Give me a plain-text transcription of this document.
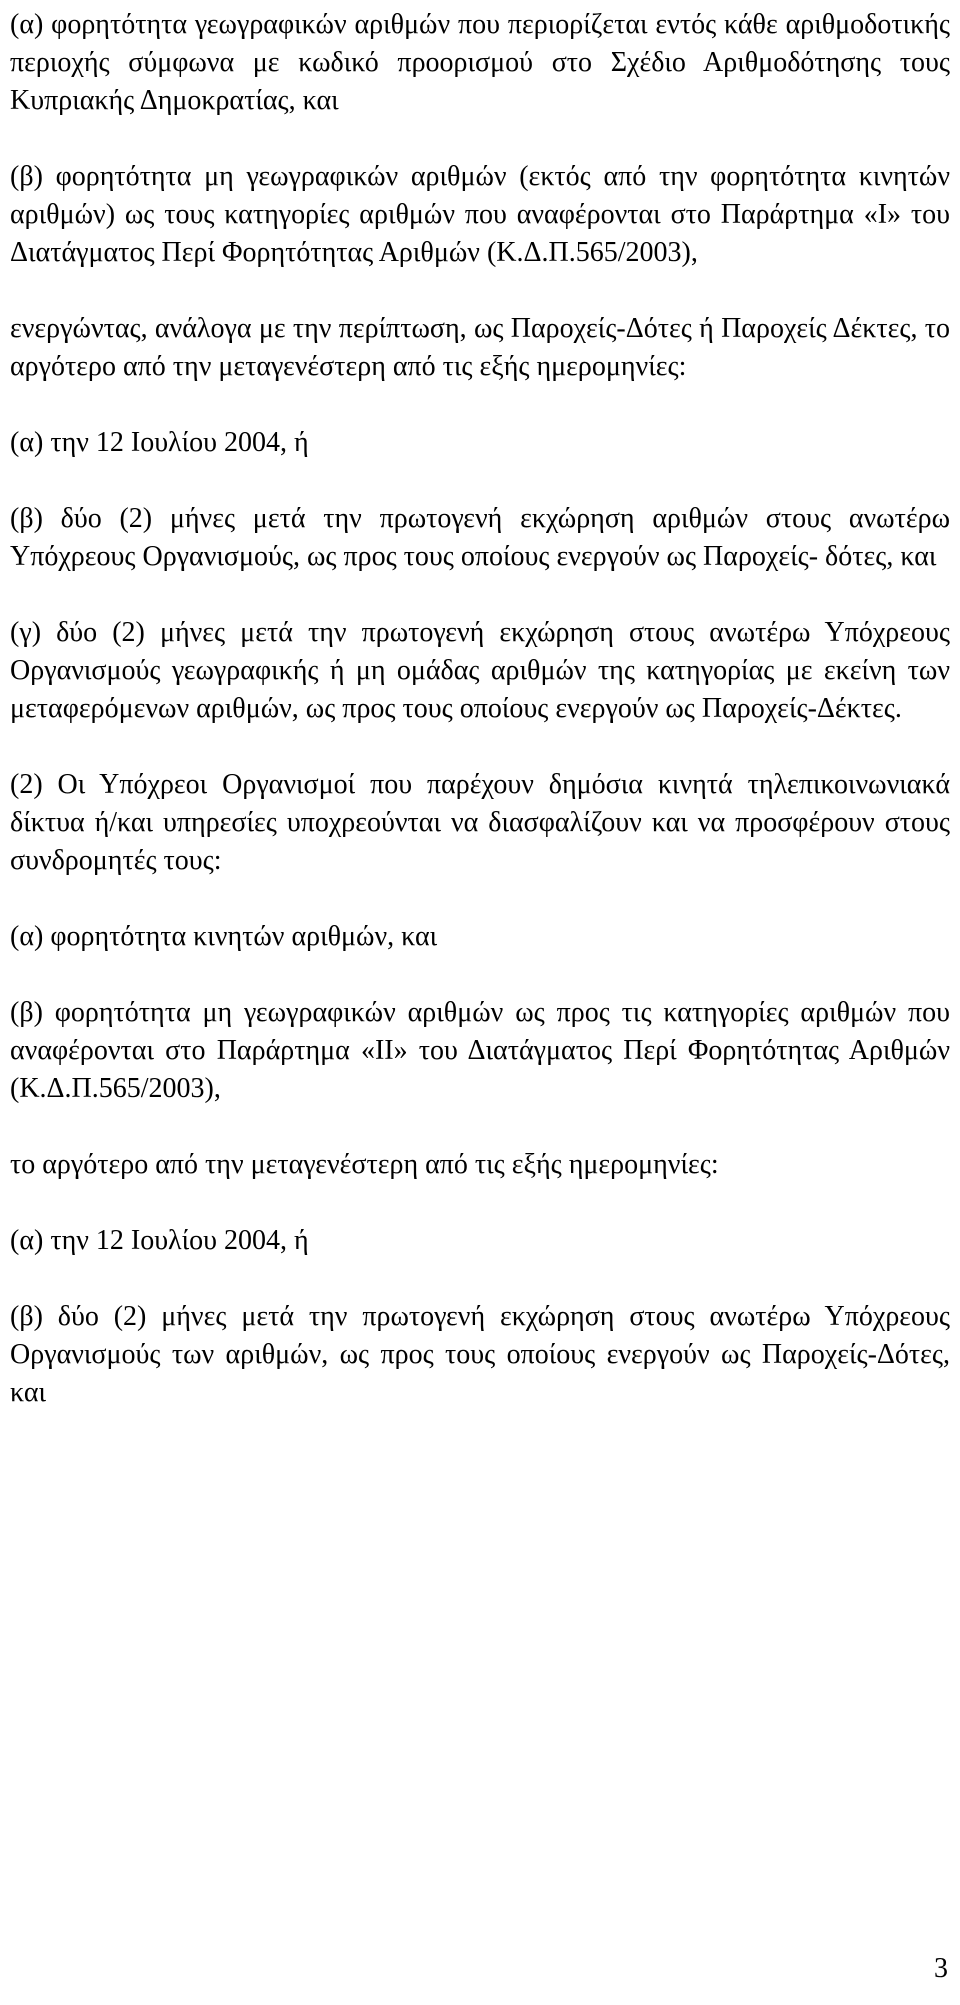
(α) φορητότητα γεωγραφικών αριθμών που περιορίζεται εντός κάθε αριθμοδοτικής περιοχής σύμφωνα με κωδικό προορισμού στο Σχέδιο Αριθμοδότησης τους Κυπριακής Δημοκρατίας, και

(β) φορητότητα μη γεωγραφικών αριθμών (εκτός από την φορητότητα κινητών αριθμών) ως τους κατηγορίες αριθμών που αναφέρονται στο Παράρτημα «Ι» του Διατάγματος Περί Φορητότητας Αριθμών (Κ.Δ.Π.565/2003),

ενεργώντας, ανάλογα με την περίπτωση, ως Παροχείς-Δότες ή Παροχείς Δέκτες, το αργότερο από την μεταγενέστερη από τις εξής ημερομηνίες:

(α) την 12 Ιουλίου 2004, ή

(β) δύο (2) μήνες μετά την πρωτογενή εκχώρηση αριθμών στους ανωτέρω Υπόχρεους Οργανισμούς, ως προς τους οποίους ενεργούν ως Παροχείς- δότες, και

(γ) δύο (2) μήνες μετά την πρωτογενή εκχώρηση στους ανωτέρω Υπόχρεους Οργανισμούς γεωγραφικής ή μη ομάδας αριθμών της κατηγορίας με εκείνη των μεταφερόμενων αριθμών, ως προς τους οποίους ενεργούν ως Παροχείς-Δέκτες.

(2) Οι Υπόχρεοι Οργανισμοί που παρέχουν δημόσια κινητά τηλεπικοινωνιακά δίκτυα ή/και υπηρεσίες υποχρεούνται να διασφαλίζουν και να προσφέρουν στους συνδρομητές τους:

(α) φορητότητα κινητών αριθμών, και

(β) φορητότητα μη γεωγραφικών αριθμών ως προς τις κατηγορίες αριθμών που αναφέρονται στο Παράρτημα «ΙΙ» του Διατάγματος Περί Φορητότητας Αριθμών (Κ.Δ.Π.565/2003),

το αργότερο από την μεταγενέστερη από τις εξής ημερομηνίες:

(α) την 12 Ιουλίου 2004, ή

(β) δύο (2) μήνες μετά την πρωτογενή εκχώρηση στους ανωτέρω Υπόχρεους Οργανισμούς των αριθμών, ως προς τους οποίους ενεργούν ως Παροχείς-Δότες, και

3
